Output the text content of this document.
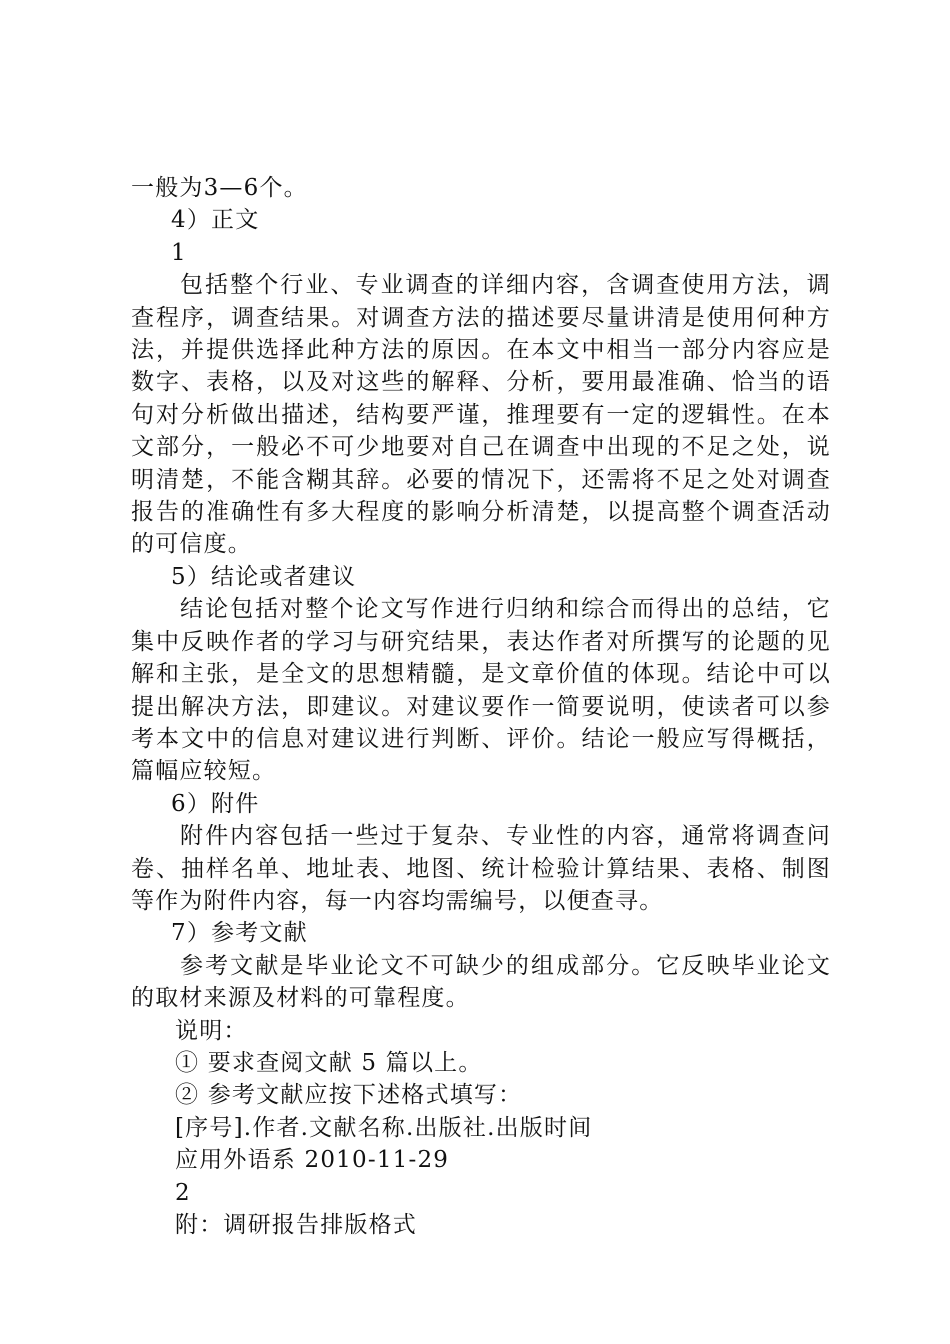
一般为3—6个。

4）正文

1

包括整个行业、专业调查的详细内容，含调查使用方法，调查程序，调查结果。对调查方法的描述要尽量讲清是使用何种方法，并提供选择此种方法的原因。在本文中相当一部分内容应是数字、表格，以及对这些的解释、分析，要用最准确、恰当的语句对分析做出描述，结构要严谨，推理要有一定的逻辑性。在本文部分，一般必不可少地要对自己在调查中出现的不足之处，说明清楚，不能含糊其辞。必要的情况下，还需将不足之处对调查报告的准确性有多大程度的影响分析清楚，以提高整个调查活动的可信度。

5）结论或者建议

结论包括对整个论文写作进行归纳和综合而得出的总结，它集中反映作者的学习与研究结果，表达作者对所撰写的论题的见解和主张，是全文的思想精髓，是文章价值的体现。结论中可以提出解决方法，即建议。对建议要作一简要说明，使读者可以参考本文中的信息对建议进行判断、评价。结论一般应写得概括，篇幅应较短。

6）附件

附件内容包括一些过于复杂、专业性的内容，通常将调查问卷、抽样名单、地址表、地图、统计检验计算结果、表格、制图等作为附件内容，每一内容均需编号，以便查寻。

7）参考文献

参考文献是毕业论文不可缺少的组成部分。它反映毕业论文的取材来源及材料的可靠程度。

说明：

① 要求查阅文献 5 篇以上。

② 参考文献应按下述格式填写：

[序号].作者.文献名称.出版社.出版时间

应用外语系 2010-11-29

2

附：调研报告排版格式
